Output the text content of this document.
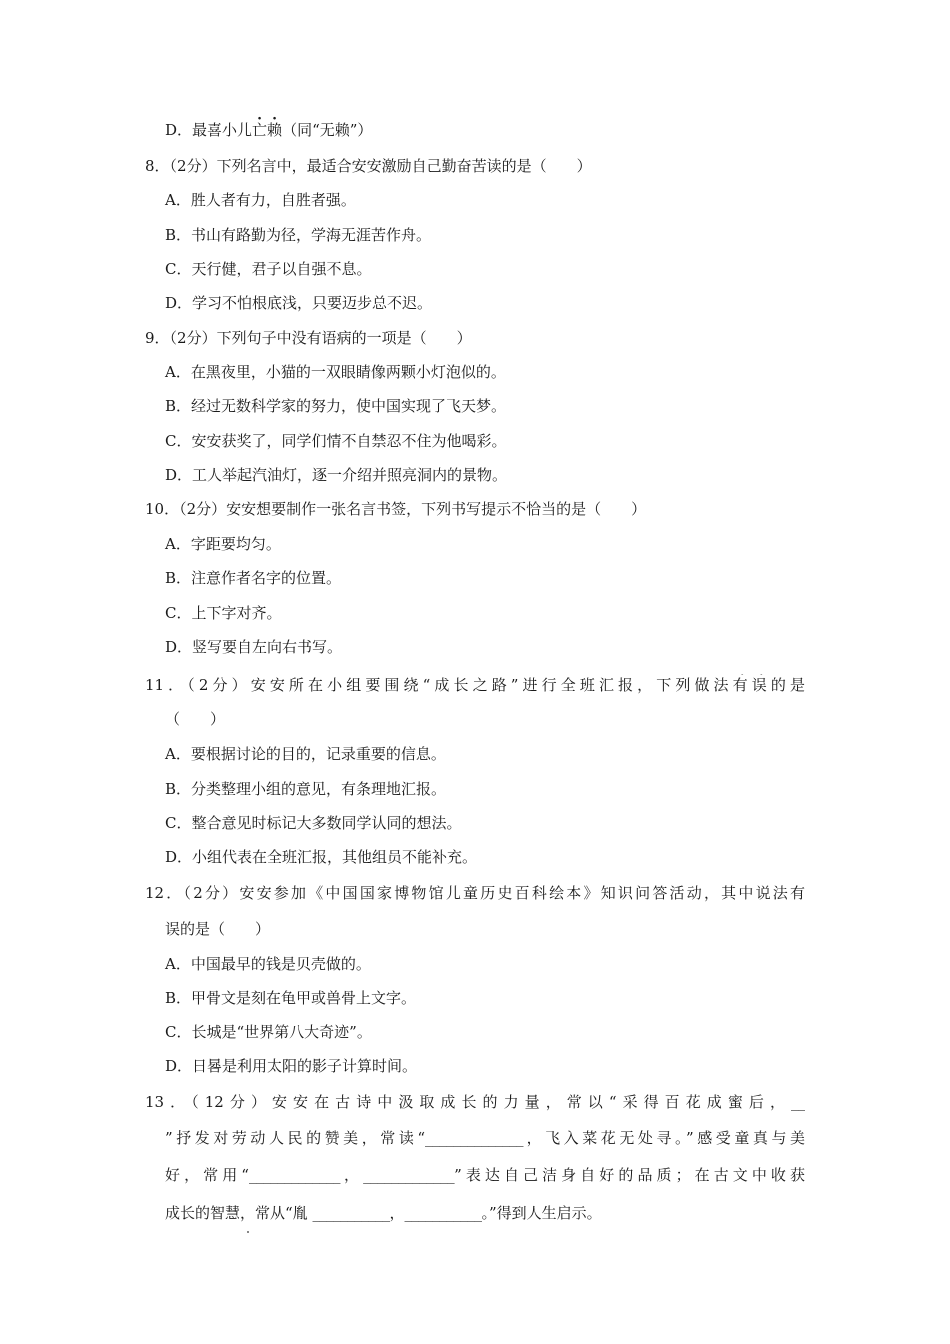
D．最喜小儿亡赖（同“无赖”）
8．（2分）下列名言中，最适合安安激励自己勤奋苦读的是（　　）
A．胜人者有力，自胜者强。
B．书山有路勤为径，学海无涯苦作舟。
C．天行健，君子以自强不息。
D．学习不怕根底浅，只要迈步总不迟。
9．（2分）下列句子中没有语病的一项是（　　）
A．在黑夜里，小猫的一双眼睛像两颗小灯泡似的。
B．经过无数科学家的努力，使中国实现了飞天梦。
C．安安获奖了，同学们情不自禁忍不住为他喝彩。
D．工人举起汽油灯，逐一介绍并照亮洞内的景物。
10．（2分）安安想要制作一张名言书签，下列书写提示不恰当的是（　　）
A．字距要均匀。
B．注意作者名字的位置。
C．上下字对齐。
D．竖写要自左向右书写。
11．（2分）安安所在小组要围绕“成长之路”进行全班汇报，下列做法有误的是
（　　）
A．要根据讨论的目的，记录重要的信息。
B．分类整理小组的意见，有条理地汇报。
C．整合意见时标记大多数同学认同的想法。
D．小组代表在全班汇报，其他组员不能补充。
12．（2分）安安参加《中国国家博物馆儿童历史百科绘本》知识问答活动，其中说法有
误的是（　　）
A．中国最早的钱是贝壳做的。
B．甲骨文是刻在龟甲或兽骨上文字。
C．长城是“世界第八大奇迹”。
D．日晷是利用太阳的影子计算时间。
13．（12分）安安在古诗中汲取成长的力量，常以“采得百花成蜜后，__
”抒发对劳动人民的赞美，常读“______________，飞入菜花无处寻。”感受童真与美
好，常用“_____________，_____________”表达自己洁身自好的品质；在古文中收获
成长的智慧，常从“胤 ___________，___________。”得到人生启示。
